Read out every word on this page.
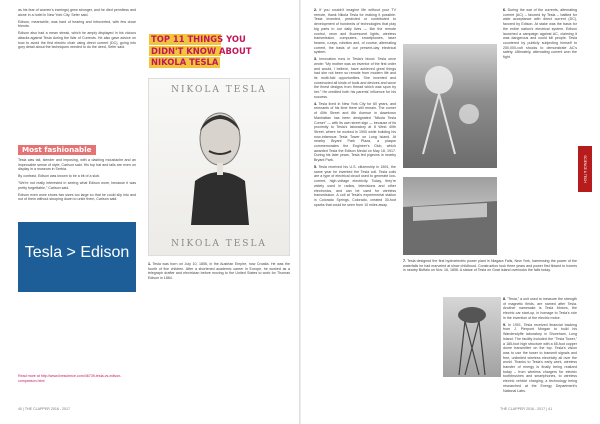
as his fear of women's earrings) grew stronger, and he died penniless and alone in a hotel in New York City. Sefer said.

Edison, meanwhile, was hard of hearing and introverted, with few close friends.

Edison also had a mean streak, which he amply displayed in his vicious attacks against Tesla during the War of Currents. He also gave advice on how to avoid the first electric chair using direct current (DC), going into gory detail about the techniques needed to do the deed, Sefer said.

Most fashionable

Tesla was tall, slender and imposing, with a dashing moustache and an impeccable sense of style, Carlson said. His top hat and tails are even on display in a museum in Serbia.

By contrast, Edison was known to be a bit of a slob.

"We're not really interested in seeing what Edison wore, because it was pretty forgettable," Carlson said.

Edison even wore shoes two sizes too large so that he could slip into and out of them without stooping down to untie them, Carlson said.

Tesla > Edison
Read more at http://www.livescience.com/46739-tesla-vs-edison-comparison.html
TOP 11 THINGS YOU
DIDN'T KNOW ABOUT
NIKOLA TESLA
NIKOLA TESLA
NIKOLA TESLA

1. Tesla was born on July 10, 1856, in the Austrian Empire, now Croatia. He was the fourth of five children. After a shortened academic career in Europe, he worked as a telegraph drafter and electrician before moving to the United States to work for Thomas Edison in 1884.

40 | THE CLAPPER 2016 - 2017

2. If you couldn't imagine life without your TV remote, thank Nikola Tesla for making it possible. Tesla invented, predicted or contributed to development of hundreds of technologies that play big parts in our daily lives — like the remote control, neon and fluorescent lights, wireless transmission, computers, smartphones, laser beams, x-rays, robotics and, of course, alternating current, the basis of our present-day electrical system.

3. Innovation runs in Tesla's blood. Tesla once wrote: "My mother was an inventor of the first order and would, I believe, have achieved great things had she not been so remote from modern life and its multi-fold opportunities. She invented and constructed all kinds of tools and devices and wove the finest designs from thread which was spun by her." He credited both his parents' influence for his success.

4. Tesla lived in New York City for 60 years, and remnants of his time there still remain. The corner of 40th Street and 6th Avenue in downtown Manhattan has been designated "Nikola Tesla Corner" — with its own street sign — because of its proximity to Tesla's laboratory at 8 West 40th Street, where he worked in 1900 while building his now-infamous Tesla Tower on Long Island. At nearby Bryant Park Plaza, a plaque commemorates the Engineer's Club, which awarded Tesla the Edison Medal on May 18, 1917. During his later years, Tesla fed pigeons in nearby Bryant Park.

5. Tesla received his U.S. citizenship in 1891, the same year he invented the Tesla coil. Tesla coils are a type of electrical circuit used to generate low-current, high-voltage electricity. Today, they're widely used in radios, televisions and other electronics, and can be used for wireless transmission. A coil at Tesla's experimental station in Colorado Springs, Colorado, created 30-foot sparks that could be seen from 10 miles away.

6. During the war of the currents, alternating current (AC) – favored by Tesla – battled for wide acceptance with direct current (DC), favored by Edison. At stake was the basis for the entire nation's electrical system. Edison launched a campaign against AC, claiming it was dangerous and could kill people. Tesla countered by publicly subjecting himself to 250,000-volt shocks to demonstrate AC's safety. Ultimately, alternating current won the fight.

7. Tesla designed the first hydroelectric power plant in Niagara Falls, New York, harnessing the power of the waterfalls he had marveled at since childhood. Construction took three years and power first flowed to homes in nearby Buffalo on Nov. 16, 1896. A statue of Tesla on Goat Island overlooks the falls today.

8. "Tesla," a unit used to measure the strength of magnetic fields, are named after Tesla. Another namesake is Tesla Motors, the electric car start-up, in homage to Tesla's role in the invention of the electric motor.

9. In 1901, Tesla received financial backing from J. Pierpont Morgan to build his Wardenclyffe laboratory in Shoreham, Long Island. The facility included the "Tesla Tower," a 185-foot high structure with a 65-foot copper dome transmitter on the top. Tesla's vision was to use the tower to transmit signals and free, unlimited wireless electricity all over the world. Thanks to Tesla's early work, wireless transfer of energy is finally being realized today – from wireless chargers for electric toothbrushes and smartphones, to wireless electric vehicle charging, a technology being researched at the Energy Department's National Labs.

SCIENCE & TECH
THE CLAPPER 2016 - 2017 | 41
